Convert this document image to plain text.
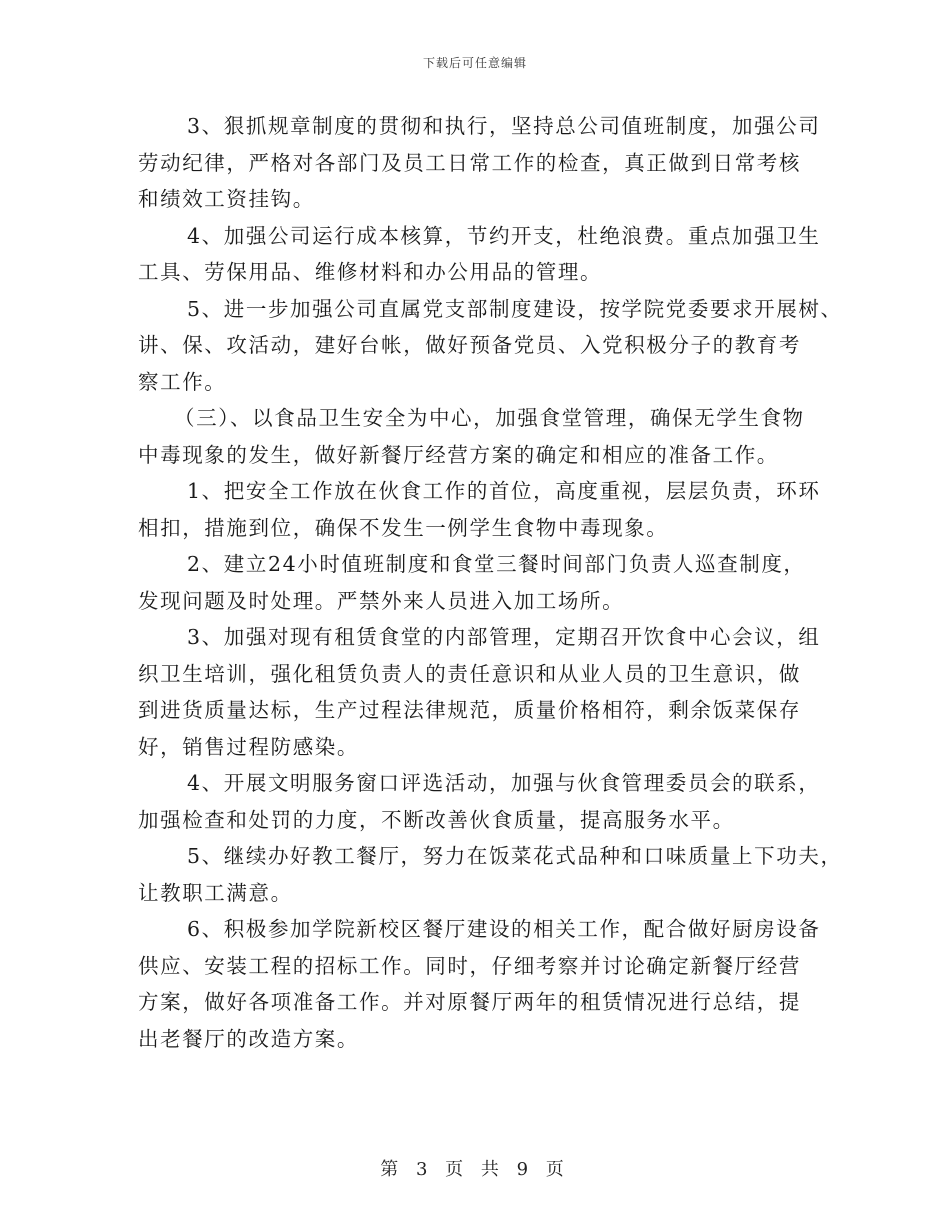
下载后可任意编辑

3、狠抓规章制度的贯彻和执行，坚持总公司值班制度，加强公司
劳动纪律，严格对各部门及员工日常工作的检查，真正做到日常考核
和绩效工资挂钩。

4、加强公司运行成本核算，节约开支，杜绝浪费。重点加强卫生
工具、劳保用品、维修材料和办公用品的管理。

5、进一步加强公司直属党支部制度建设，按学院党委要求开展树、
讲、保、攻活动，建好台帐，做好预备党员、入党积极分子的教育考
察工作。

（三）、以食品卫生安全为中心，加强食堂管理，确保无学生食物
中毒现象的发生，做好新餐厅经营方案的确定和相应的准备工作。

1、把安全工作放在伙食工作的首位，高度重视，层层负责，环环
相扣，措施到位，确保不发生一例学生食物中毒现象。

2、建立24小时值班制度和食堂三餐时间部门负责人巡查制度，
发现问题及时处理。严禁外来人员进入加工场所。

3、加强对现有租赁食堂的内部管理，定期召开饮食中心会议，组
织卫生培训，强化租赁负责人的责任意识和从业人员的卫生意识，做
到进货质量达标，生产过程法律规范，质量价格相符，剩余饭菜保存
好，销售过程防感染。

4、开展文明服务窗口评选活动，加强与伙食管理委员会的联系，
加强检查和处罚的力度，不断改善伙食质量，提高服务水平。

5、继续办好教工餐厅，努力在饭菜花式品种和口味质量上下功夫，
让教职工满意。

6、积极参加学院新校区餐厅建设的相关工作，配合做好厨房设备
供应、安装工程的招标工作。同时，仔细考察并讨论确定新餐厅经营
方案，做好各项准备工作。并对原餐厅两年的租赁情况进行总结，提
出老餐厅的改造方案。

第 3 页 共 9 页
